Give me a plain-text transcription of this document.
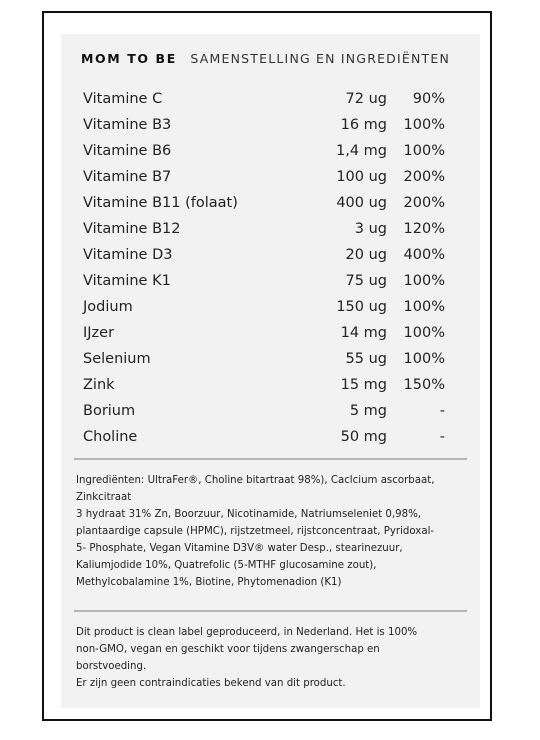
MOM TO BE SAMENSTELLING EN INGREDIËNTEN
Vitamine C	72 ug 90%
Vitamine B3	16 mg 100%
Vitamine B6	1,4 mg 100%
Vitamine B7	100 ug 200%
Vitamine B11 (folaat)	400 ug 200%
Vitamine B12	3 ug 120%
Vitamine D3	20 ug 400%
Vitamine K1	75 ug 100%
Jodium	150 ug 100%
IJzer	14 mg 100%
Selenium	55 ug 100%
Zink	15 mg 150%
Borium	5 mg	-
Choline	50 mg	-
Ingrediënten: UltraFer®, Choline bitartraat 98%), Caclcium ascorbaat,
Zinkcitraat
3 hydraat 31% Zn, Boorzuur, Nicotinamide, Natriumseleniet 0,98%,
plantaardige capsule (HPMC), rijstzetmeel, rijstconcentraat, Pyridoxal-
5- Phosphate, Vegan Vitamine D3V® water Desp., stearinezuur,
Kaliumjodide 10%, Quatrefolic (5-MTHF glucosamine zout),
Methylcobalamine 1%, Biotine, Phytomenadion (K1)
Dit product is clean label geproduceerd, in Nederland. Het is 100%
non-GMO, vegan en geschikt voor tijdens zwangerschap en
borstvoeding.
Er zijn geen contraindicaties bekend van dit product.
